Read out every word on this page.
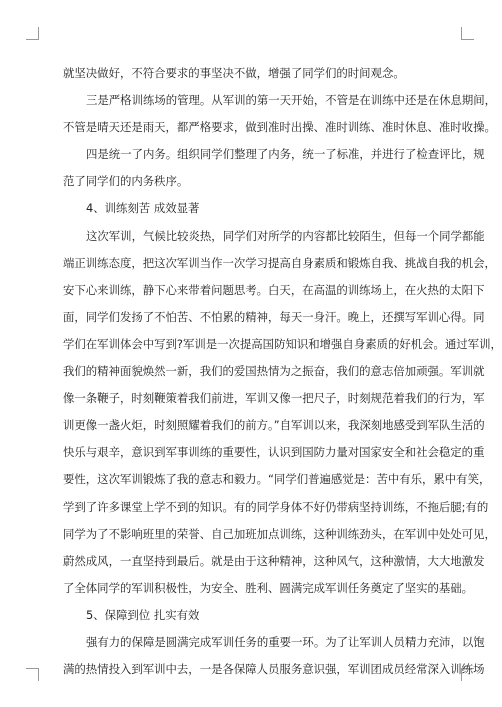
就坚决做好，不符合要求的事坚决不做，增强了同学们的时间观念。
三是严格训练场的管理。从军训的第一天开始，不管是在训练中还是在休息期间，
不管是晴天还是雨天，都严格要求，做到准时出操、准时训练、准时休息、准时收操。
四是统一了内务。组织同学们整理了内务，统一了标准，并进行了检查评比，规
范了同学们的内务秩序。
4、训练刻苦 成效显著
这次军训，气候比较炎热，同学们对所学的内容都比较陌生，但每一个同学都能
端正训练态度，把这次军训当作一次学习提高自身素质和锻炼自我、挑战自我的机会，
安下心来训练，静下心来带着问题思考。白天，在高温的训练场上，在火热的太阳下
面，同学们发扬了不怕苦、不怕累的精神，每天一身汗。晚上，还撰写军训心得。同
学们在军训体会中写到?军训是一次提高国防知识和增强自身素质的好机会。通过军训，
我们的精神面貌焕然一新，我们的爱国热情为之振奋，我们的意志倍加顽强。军训就
像一条鞭子，时刻鞭策着我们前进，军训又像一把尺子，时刻规范着我们的行为，军
训更像一盏火炬，时刻照耀着我们的前方。”自军训以来，我深刻地感受到军队生活的
快乐与艰辛，意识到军事训练的重要性，认识到国防力量对国家安全和社会稳定的重
要性，这次军训锻炼了我的意志和毅力。“同学们普遍感觉是：苦中有乐，累中有笑，
学到了许多课堂上学不到的知识。有的同学身体不好仍带病坚持训练，不拖后腿;有的
同学为了不影响班里的荣誉、自己加班加点训练，这种训练劲头，在军训中处处可见，
蔚然成风，一直坚持到最后。就是由于这种精神，这种风气，这种激情，大大地激发
了全体同学的军训积极性，为安全、胜利、圆满完成军训任务奠定了坚实的基础。
5、保障到位 扎实有效
强有力的保障是圆满完成军训任务的重要一环。为了让军训人员精力充沛，以饱
满的热情投入到军训中去，一是各保障人员服务意识强，军训团成员经常深入训练场
